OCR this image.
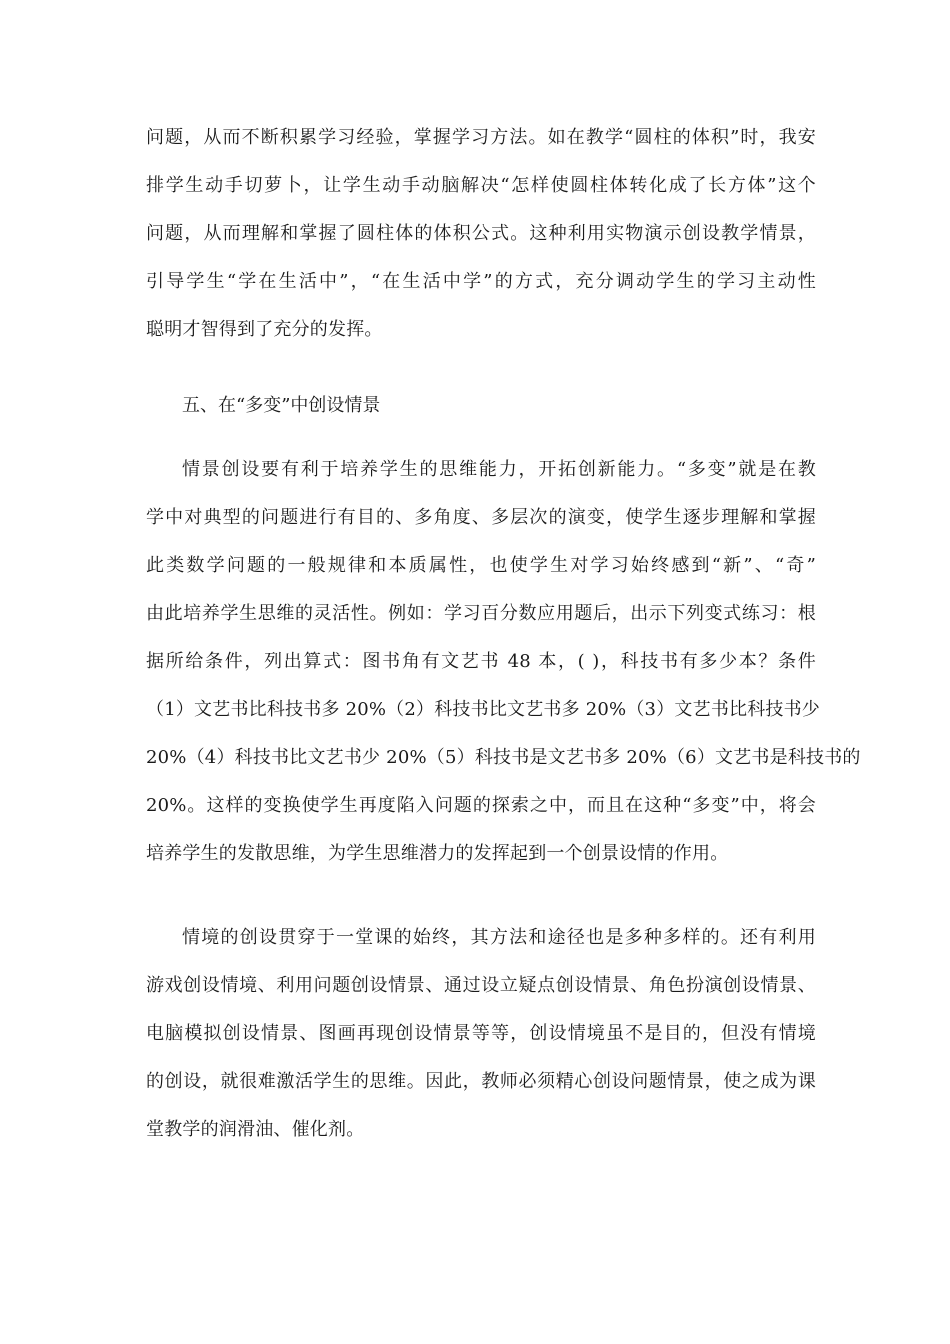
问题，从而不断积累学习经验，掌握学习方法。如在教学“圆柱的体积”时，我安
排学生动手切萝卜，让学生动手动脑解决“怎样使圆柱体转化成了长方体”这个
问题，从而理解和掌握了圆柱体的体积公式。这种利用实物演示创设教学情景，
引导学生“学在生活中”，“在生活中学”的方式，充分调动学生的学习主动性
聪明才智得到了充分的发挥。
五、在“多变”中创设情景
情景创设要有利于培养学生的思维能力，开拓创新能力。“多变”就是在教
学中对典型的问题进行有目的、多角度、多层次的演变，使学生逐步理解和掌握
此类数学问题的一般规律和本质属性，也使学生对学习始终感到“新”、“奇”
由此培养学生思维的灵活性。例如：学习百分数应用题后，出示下列变式练习：根
据所给条件，列出算式：图书角有文艺书 48 本，( )，科技书有多少本？条件
（1）文艺书比科技书多 20%（2）科技书比文艺书多 20%（3）文艺书比科技书少
20%（4）科技书比文艺书少 20%（5）科技书是文艺书多 20%（6）文艺书是科技书的
20%。这样的变换使学生再度陷入问题的探索之中，而且在这种“多变”中，将会
培养学生的发散思维，为学生思维潜力的发挥起到一个创景设情的作用。
情境的创设贯穿于一堂课的始终，其方法和途径也是多种多样的。还有利用
游戏创设情境、利用问题创设情景、通过设立疑点创设情景、角色扮演创设情景、
电脑模拟创设情景、图画再现创设情景等等，创设情境虽不是目的，但没有情境
的创设，就很难激活学生的思维。因此，教师必须精心创设问题情景，使之成为课
堂教学的润滑油、催化剂。
